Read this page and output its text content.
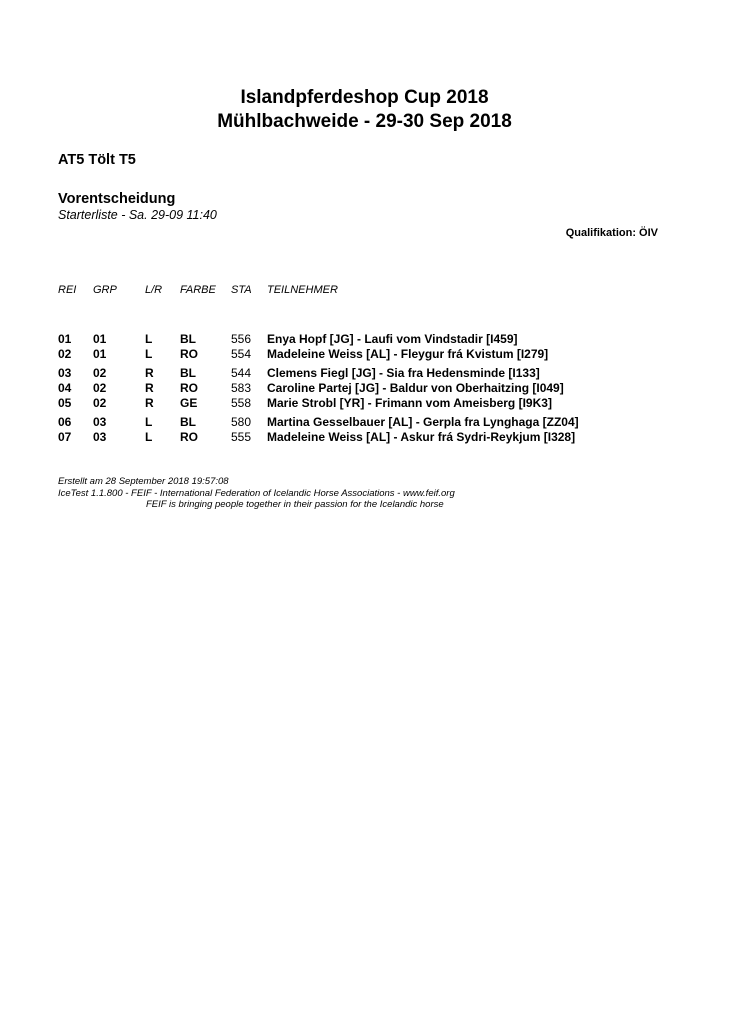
Islandpferdeshop Cup 2018

Mühlbachweide - 29-30 Sep 2018

AT5 Tölt T5

Vorentscheidung

Starterliste - Sa. 29-09 11:40

Qualifikation: ÖIV

REI GRP	L/R FARBE STA TEILNEHMER
01 01	L BL	556 Enya Hopf [JG] - Laufi vom Vindstadir [I459]
02 01	L RO	554 Madeleine Weiss [AL] - Fleygur frá Kvistum [I279]
03 02	R BL	544 Clemens Fiegl [JG] - Sia fra Hedensminde [I133]
04 02	R RO	583 Caroline Partej [JG] - Baldur von Oberhaitzing [I049]
05 02	R GE	558 Marie Strobl [YR] - Frimann vom Ameisberg [I9K3]
06 03	L BL	580 Martina Gesselbauer [AL] - Gerpla fra Lynghaga [ZZ04]
07 03	L RO	555 Madeleine Weiss [AL] - Askur frá Sydri-Reykjum [I328]

Erstellt am 28 September 2018 19:57:08

IceTest 1.1.800 - FEIF - International Federation of Icelandic Horse Associations - www.feif.org

FEIF is bringing people together in their passion for the Icelandic horse
